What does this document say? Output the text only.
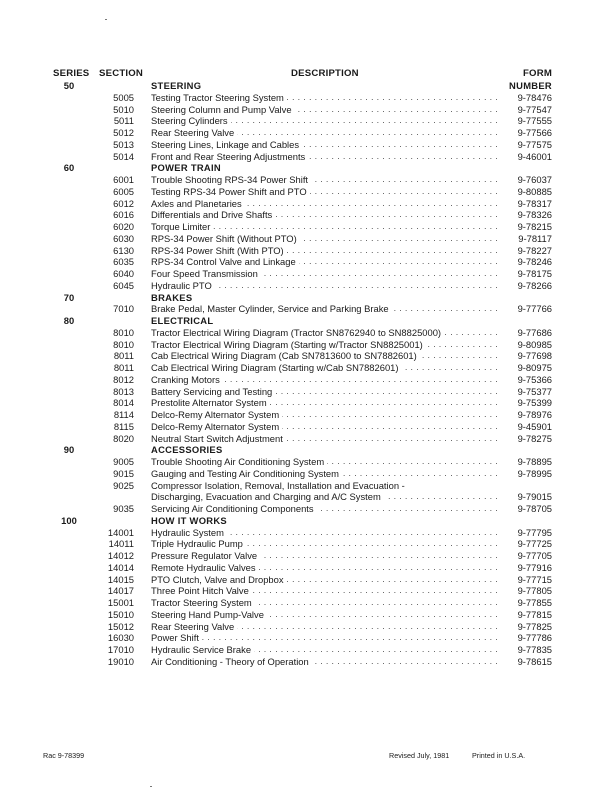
SERIES SECTION	DESCRIPTION	FORM
50	STEERING	NUMBER
5005 Testing Tractor Steering System . . .	9-78476
5010 Steering Column and Pump Valve . . .	9-77547
5011 Steering Cylinders . . .	9-77555
5012 Rear Steering Valve . . .	9-77566
5013 Steering Lines, Linkage and Cables . . .	9-77575
5014 Front and Rear Steering Adjustments . . .	9-46001
60	POWER TRAIN
6001 Trouble Shooting RPS-34 Power Shift . . .	9-76037
6005 Testing RPS-34 Power Shift and PTO . . .	9-80885
6012 Axles and Planetaries . . .	9-78317
6016 Differentials and Drive Shafts . . .	9-78326
6020 Torque Limiter . . .	9-78215
6030 RPS-34 Power Shift (Without PTO) . . .	9-78117
6130 RPS-34 Power Shift (With PTO) . . .	9-78227
6035 RPS-34 Control Valve and Linkage . . .	9-78246
6040 Four Speed Transmission . . .	9-78175
6045 Hydraulic PTO . . .	9-78266
70	BRAKES
7010 Brake Pedal, Master Cylinder, Service and Parking Brake . . .	9-77766
80	ELECTRICAL
8010 Tractor Electrical Wiring Diagram (Tractor SN8762940 to SN8825000) . . .	9-77686
8010 Tractor Electrical Wiring Diagram (Starting w/Tractor SN8825001) . . .	9-80985
8011 Cab Electrical Wiring Diagram (Cab SN7813600 to SN7882601) . . .	9-77698
8011 Cab Electrical Wiring Diagram (Starting w/Cab SN7882601) . . .	9-80975
8012 Cranking Motors . . .	9-75366
8013 Battery Servicing and Testing . . .	9-75377
8014 Prestolite Alternator System . . .	9-75399
8114 Delco-Remy Alternator System . . .	9-78976
8115 Delco-Remy Alternator System . . .	9-45901
8020 Neutral Start Switch Adjustment . . .	9-78275
90	ACCESSORIES
9005 Trouble Shooting Air Conditioning System . . .	9-78895
9015 Gauging and Testing Air Conditioning System . . .	9-78995
9025 Compressor Isolation, Removal, Installation and Evacuation -
Discharging, Evacuation and Charging and A/C System . . .	9-79015
9035 Servicing Air Conditioning Components . . .	9-78705
100	HOW IT WORKS
14001 Hydraulic System . . .	9-77795
14011 Triple Hydraulic Pump . . .	9-77725
14012 Pressure Regulator Valve . . .	9-77705
14014 Remote Hydraulic Valves . . .	9-77916
14015 PTO Clutch, Valve and Dropbox . . .	9-77715
14017 Three Point Hitch Valve . . .	9-77805
15001 Tractor Steering System . . .	9-77855
15010 Steering Hand Pump-Valve . . .	9-77815
15012 Rear Steering Valve . . .	9-77825
16030 Power Shift . . .	9-77786
17010 Hydraulic Service Brake . . .	9-77835
19010 Air Conditioning - Theory of Operation . . .	9-78615
Rac 9-78399	Revised July, 1981	Printed in U.S.A.
